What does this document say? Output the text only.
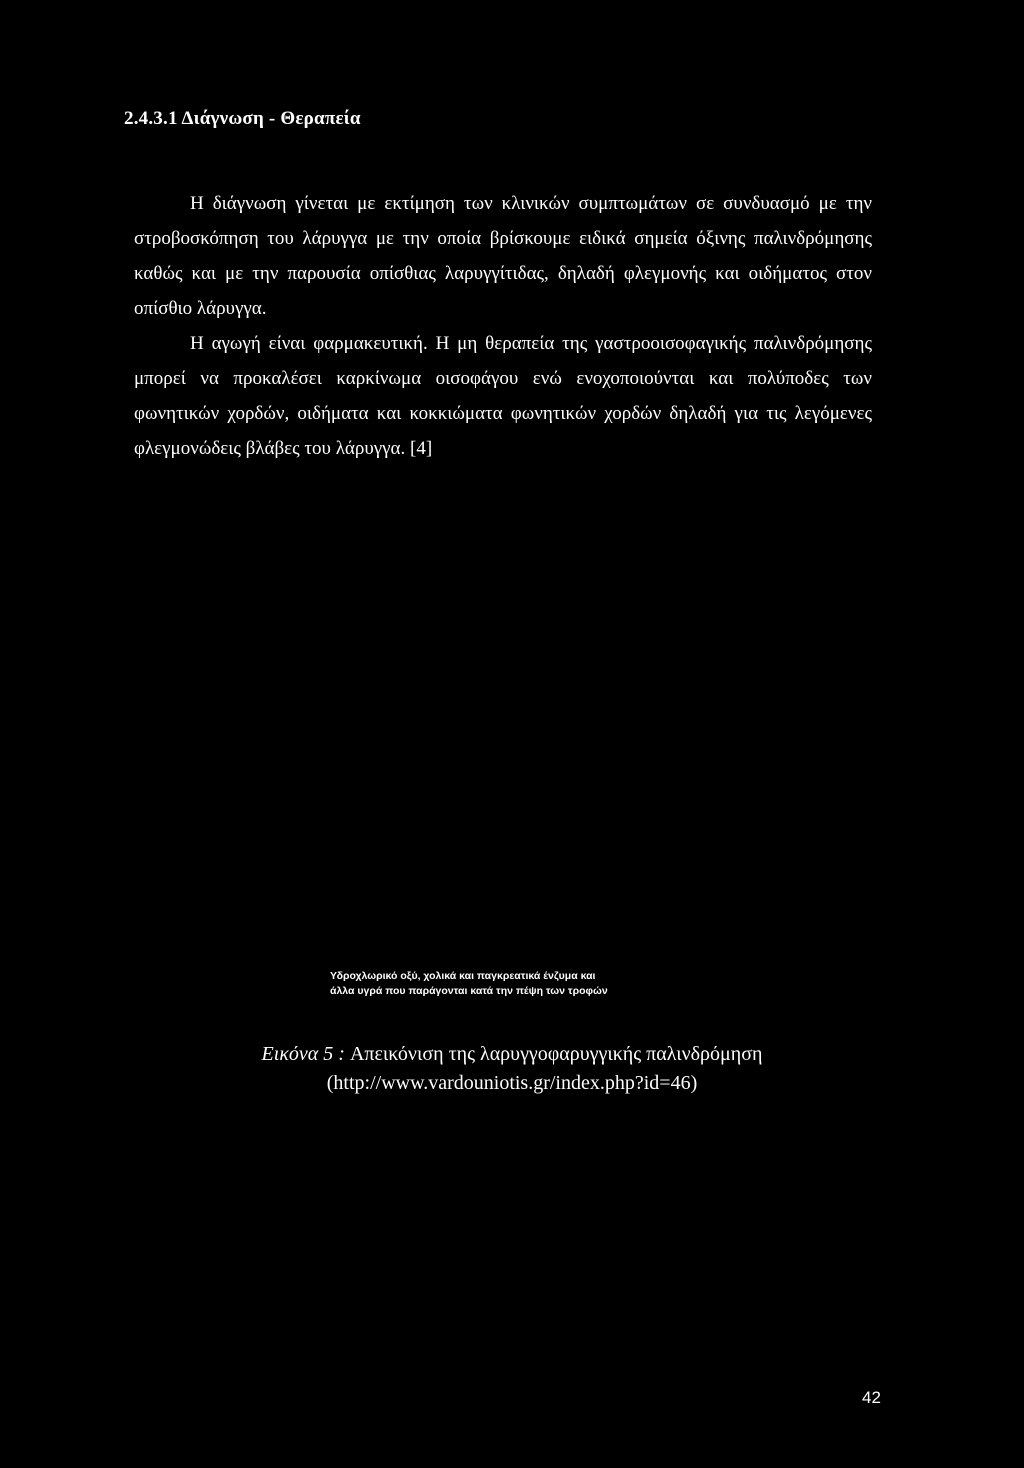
2.4.3.1 Διάγνωση - Θεραπεία

Η διάγνωση γίνεται με εκτίμηση των κλινικών συμπτωμάτων σε συνδυασμό με την στροβοσκόπηση του λάρυγγα με την οποία βρίσκουμε ειδικά σημεία όξινης παλινδρόμησης καθώς και με την παρουσία οπίσθιας λαρυγγίτιδας, δηλαδή φλεγμονής και οιδήματος στον οπίσθιο λάρυγγα.

Η αγωγή είναι φαρμακευτική. Η μη θεραπεία της γαστροοισοφαγικής παλινδρόμησης μπορεί να προκαλέσει καρκίνωμα οισοφάγου ενώ ενοχοποιούνται και πολύποδες των φωνητικών χορδών, οιδήματα και κοκκιώματα φωνητικών χορδών δηλαδή για τις λεγόμενες φλεγμονώδεις βλάβες του λάρυγγα. [4]

Υδροχλωρικό οξύ, χολικά και παγκρεατικά ένζυμα και
άλλα υγρά που παράγονται κατά την πέψη των τροφών
Εικόνα 5 : Απεικόνιση της λαρυγγοφαρυγγικής παλινδρόμηση
(http://www.vardouniotis.gr/index.php?id=46)
42
